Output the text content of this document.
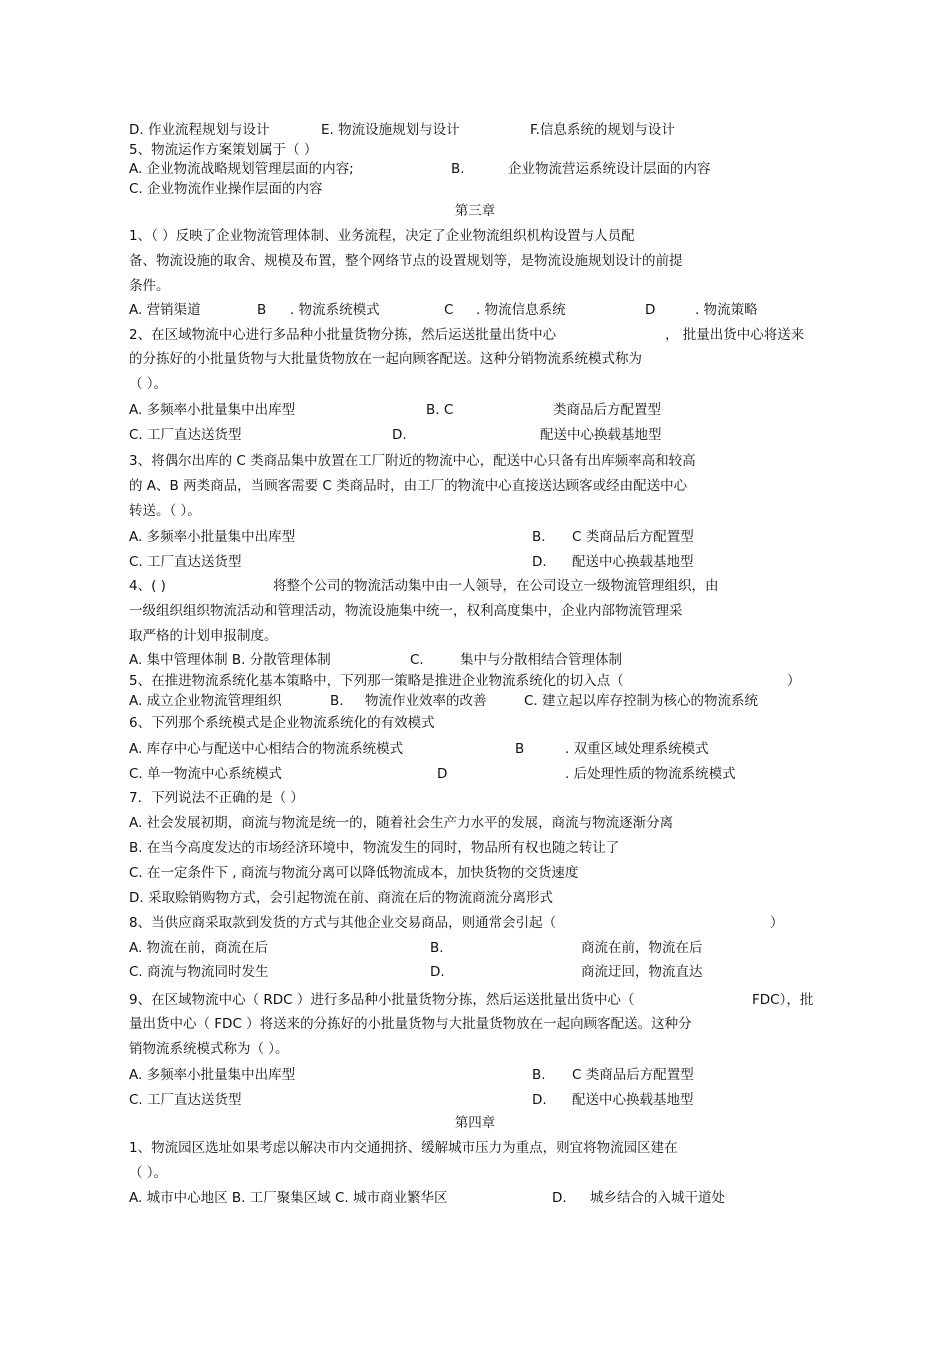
D. 作业流程规划与设计	E. 物流设施规划与设计	F.信息系统的规划与设计
5、物流运作方案策划属于（ ）
A. 企业物流战略规划管理层面的内容;	B.	企业物流营运系统设计层面的内容
C. 企业物流作业操作层面的内容
第三章
1、（ ）反映了企业物流管理体制、业务流程，决定了企业物流组织机构设置与人员配
备、物流设施的取舍、规模及布置，整个网络节点的设置规划等，是物流设施规划设计的前提
条件。
A. 营销渠道	B . 物流系统模式	C . 物流信息系统	D	. 物流策略
2、在区域物流中心进行多品种小批量货物分拣，然后运送批量出货中心	， 批量出货中心将送来
的分拣好的小批量货物与大批量货物放在一起向顾客配送。这种分销物流系统模式称为
（ ）。
A. 多频率小批量集中出库型	B. C	类商品后方配置型
C. 工厂直达送货型	D.	配送中心换载基地型
3、将偶尔出库的 C 类商品集中放置在工厂附近的物流中心，配送中心只备有出库频率高和较高
的 A、B 两类商品，当顾客需要 C 类商品时，由工厂的物流中心直接送达顾客或经由配送中心
转送。（ ）。
A. 多频率小批量集中出库型	B. C 类商品后方配置型
C. 工厂直达送货型	D. 配送中心换载基地型
4、( )	将整个公司的物流活动集中由一人领导，在公司设立一级物流管理组织，由
一级组织组织物流活动和管理活动，物流设施集中统一，权利高度集中，企业内部物流管理采
取严格的计划申报制度。
A. 集中管理体制 B. 分散管理体制	C.	集中与分散相结合管理体制
5、在推进物流系统化基本策略中，下列那一策略是推进企业物流系统化的切入点（	）
A. 成立企业物流管理组织	B. 物流作业效率的改善	C. 建立起以库存控制为核心的物流系统
6、下列那个系统模式是企业物流系统化的有效模式
A. 库存中心与配送中心相结合的物流系统模式	B	. 双重区域处理系统模式
C. 单一物流中心系统模式	D	. 后处理性质的物流系统模式
7．下列说法不正确的是（ ）
A. 社会发展初期，商流与物流是统一的，随着社会生产力水平的发展，商流与物流逐渐分离
B. 在当今高度发达的市场经济环境中，物流发生的同时，物品所有权也随之转让了
C. 在一定条件下 , 商流与物流分离可以降低物流成本，加快货物的交货速度
D. 采取赊销购物方式，会引起物流在前、商流在后的物流商流分离形式
8、当供应商采取款到发货的方式与其他企业交易商品，则通常会引起（	）
A. 物流在前，商流在后	B.	商流在前，物流在后
C. 商流与物流同时发生	D.	商流迂回，物流直达
9、在区域物流中心（ RDC ）进行多品种小批量货物分拣，然后运送批量出货中心（	FDC），批
量出货中心（ FDC ）将送来的分拣好的小批量货物与大批量货物放在一起向顾客配送。这种分
销物流系统模式称为（ ）。
A. 多频率小批量集中出库型	B. C 类商品后方配置型
C. 工厂直达送货型	D. 配送中心换载基地型
第四章
1、物流园区选址如果考虑以解决市内交通拥挤、缓解城市压力为重点，则宜将物流园区建在
（ ）。
A. 城市中心地区 B. 工厂聚集区域 C. 城市商业繁华区	D. 城乡结合的入城干道处
